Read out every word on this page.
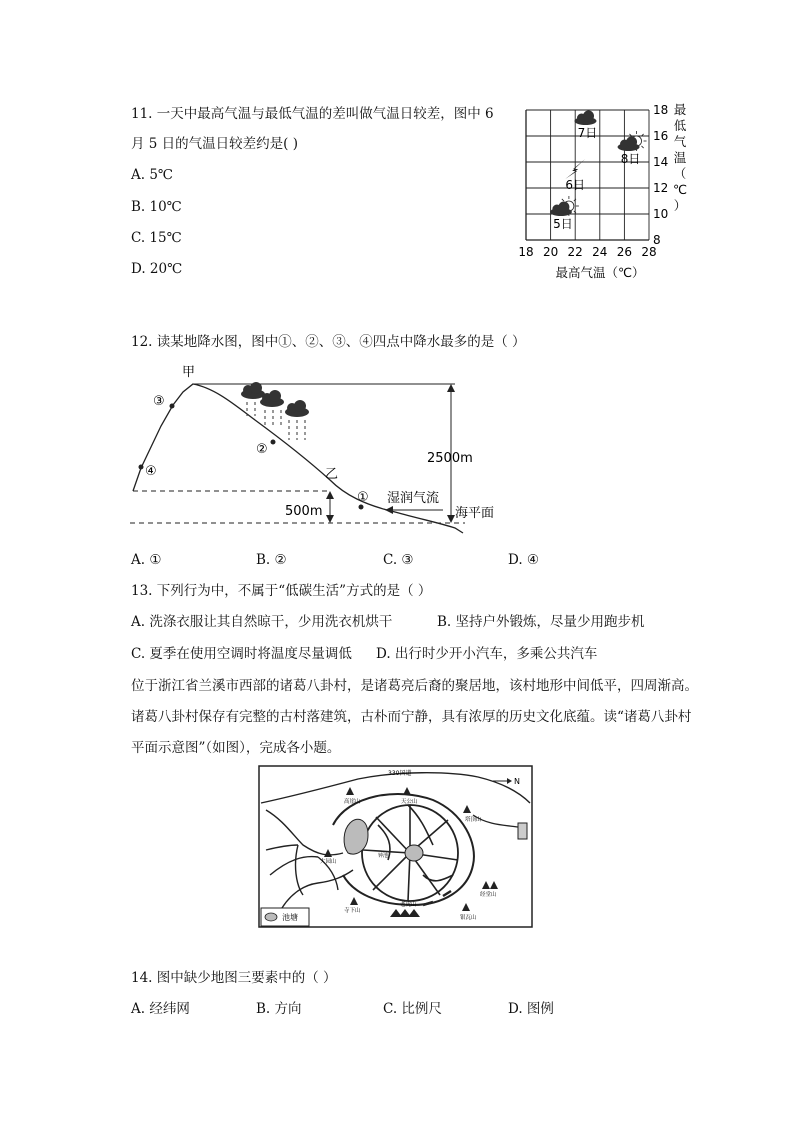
11. 一天中最高气温与最低气温的差叫做气温日较差，图中 6
月 5 日的气温日较差约是( )
A. 5℃
B. 10℃
C. 15℃
D. 20℃
18 20 22 24 26 28
8
10
12
14
16
18
5日
6日
7日
8日
最高气温（℃）
最
低
气
温
（
℃
）
12. 读某地降水图，图中①、②、③、④四点中降水最多的是（ ）
甲
乙
①
②
③
④
2500m
500m
湿润气流
海平面
A. ①	B. ②	C. ③	D. ④
13. 下列行为中，不属于“低碳生活”方式的是（ ）
A. 洗涤衣服让其自然晾干，少用洗衣机烘干	B. 坚持户外锻炼，尽量少用跑步机
C. 夏季在使用空调时将温度尽量调低 D. 出行时少开小汽车，多乘公共汽车
位于浙江省兰溪市西部的诸葛八卦村，是诸葛亮后裔的聚居地，该村地形中间低平，四周渐高。
诸葛八卦村保存有完整的古村落建筑，古朴而宁静，具有浓厚的历史文化底蕴。读“诸葛八卦村
平面示意图”（如图），完成各小题。
330国道
N
钟池
高崖山	天公山
塔顶山
大园山
寺下山
老虎山
经堂山
银瓦山
池塘
14. 图中缺少地图三要素中的（ ）
A. 经纬网	B. 方向	C. 比例尺	D. 图例
